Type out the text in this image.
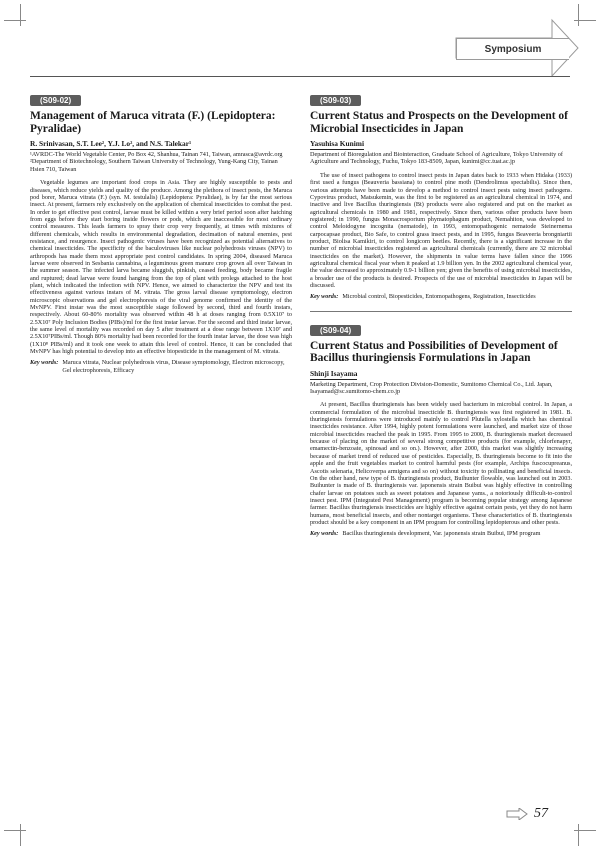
Symposium
(S09-02)
Management of Maruca vitrata (F.) (Lepidoptera: Pyralidae)
R. Srinivasan, S.T. Lee², Y.J. Lo², and N.S. Talekar¹
¹AVRDC-The World Vegetable Center, Po Box 42, Shanhua, Tainan 741, Taiwan, amrasca@avrdc.org
²Department of Biotechnology, Southern Taiwan University of Technology, Yung-Kang City, Tainan Hsien 710, Taiwan

Vegetable legumes are important food crops in Asia. They are highly susceptible to pests and diseases, which reduce yields and quality of the produce. Among the plethora of insect pests, the Maruca pod borer, Maruca vitrata (F.) (syn. M. testulalis) (Lepidoptera: Pyralidae), is by far the most serious insect. At present, farmers rely exclusively on the application of chemical insecticides to combat the pest. In order to get effective pest control, larvae must be killed within a very brief period soon after hatching from eggs before they start boring inside flowers or pods, which are inaccessible for most ordinary control measures. This leads farmers to spray their crop very frequently, at times with mixtures of different chemicals, which results in environmental degradation, decimation of natural enemies, pest resistance, and resurgence. Insect pathogenic viruses have been recognized as potential alternatives to chemical insecticides. The specificity of the baculoviruses like nuclear polyhedrosis viruses (NPV) to arthropods has made them most appropriate pest control candidates. In spring 2004, diseased Maruca larvae were observed in Sesbania cannabina, a leguminous green manure crop grown all over Taiwan in the summer season. The infected larva became sluggish, pinkish, ceased feeding, body became fragile and ruptured; dead larvae were found hanging from the top of plant with prolegs attached to the host plant, which indicated the infection with NPV. Hence, we aimed to characterize the NPV and test its effectiveness against various instars of M. vitrata. The gross larval disease symptomology, electron microscopic observations and gel electrophoresis of the viral genome confirmed the identity of the MvNPV. First instar was the most susceptible stage followed by second, third and fourth instars, respectively. About 60-80% mortality was observed within 48 h at doses ranging from 0.5X10⁷ to 2.5X10⁷ Poly Inclusion Bodies (PIBs)/ml for the first instar larvae. For the second and third instar larvae, the same level of mortality was recorded on day 5 after treatment at a dose range between 1X10⁷ and 2.5X10⁷PIBs/ml. Though 80% mortality had been recorded for the fourth instar larvae, the dose was high (1X10⁸ PIBs/ml) and it took one week to attain this level of control. Hence, it can be concluded that MvNPV has high potential to develop into an effective biopesticide in the management of M. vitrata.

Key words: Maruca vitrata, Nuclear polyhedrosis virus, Disease symptomology, Electron microscopy, Gel electrophoresis, Efficacy
(S09-03)
Current Status and Prospects on the Development of Microbial Insecticides in Japan
Yasuhisa Kunimi
Department of Bioregulation and Biointeraction, Graduate School of Agriculture, Tokyo University of Agriculture and Technology, Fuchu, Tokyo 183-8509, Japan, kunimi@cc.tuat.ac.jp

The use of insect pathogens to control insect pests in Japan dates back to 1933 when Hidaka (1933) first used a fungus (Beauveria bassiana) to control pine moth (Dendrolimus spectabilis). Since then, various attempts have been made to develop a method to control insect pests using insect pathogens. Cypovirus product, Matsukemin, was the first to be registered as an agricultural chemical in 1974, and inactive and live Bacillus thuringiensis (Bt) products were also registered and put on the market as agricultural chemicals in 1980 and 1981, respectively. Since then, various other products have been registered; in 1990, fungus Monacrosporium phymatophagum product, Nemahiton, was developed to control Meloidogyne incognita (nematode), in 1993, entomopathogenic nematode Steinernema carpocapsae product, Bio Safe, to control grass insect pests, and in 1995, fungus Beaveeria brongniartii product, Biolisa Kamikiri, to control longicorn beetles. Recently, there is a significant increase in the number of microbial insecticides registered as agricultural chemicals (currently, there are 32 microbial insecticides on the market). However, the shipments in value terms have fallen since the 1996 agricultural chemical fiscal year when it peaked at 1.9 billion yen. In the 2002 agricultural chemical year, the value decreased to approximately 0.9-1 billion yen; given the benefits of using microbial insecticides, a broader use of the products is desired. Prospects of the use of microbial insecticides in Japan will be discussed.

Key words: Microbial control, Biopesticides, Entomopathogens, Registration, Insecticides
(S09-04)
Current Status and Possibilities of Development of Bacillus thuringiensis Formulations in Japan
Shinji Isayama
Marketing Department, Crop Protection Division-Domestic, Sumitomo Chemical Co., Ltd. Japan, Isayamad@sc.sumitomo-chem.co.jp

At present, Bacillus thuringiensis has been widely used bacterium in microbial control. In Japan, a commercial formulation of the microbial insecticide B. thuringiensis was first registered in 1981. B. thuringiensis formulations were introduced mainly to control Plutella xylostella which has chemical insecticides resistance. After 1994, highly potent formulations were launched, and market size of those microbial insecticides reached the peak in 1995. From 1995 to 2000, B. thuringiensis market decreased because of placing on the market of several strong competitive products (for example, chlorfenapyr, emamectin-benzoate, spinosad and so on.). However, after 2000, this market was slightly increasing because of market trend of reduced use of pesticides. Especially, B. thuringiensis become to fit into the apple and the fruit vegetables market to control harmful pests (for example, Archips fuscocupreanus, Ascotis selenaria, Helicoverpa armigera and so on) without toxicity to pollinating and beneficial insects. On the other hand, new type of B. thuringiensis product, Buihunter flowable, was launched out in 2003. Buihunter is made of B. thuringiensis var. japonensis strain Buibui was highly effective in controlling chafer larvae on potatoes such as sweet potatoes and Japanese yams., a notoriously difficult-to-control insect pest. IPM (Integrated Pest Management) program is becoming popular strategy among Japanese farmer. Bacillus thuringiensis insecticides are highly effective against certain pests, yet they do not harm humans, most beneficial insects, and other nontarget organisms. These characteristics of B. thuringiensis product should be a key component in an IPM program for controlling lepidopterous and other pests.

Key words: Bacillus thuringiensis development, Var. japonensis strain Buibui, IPM program
57
